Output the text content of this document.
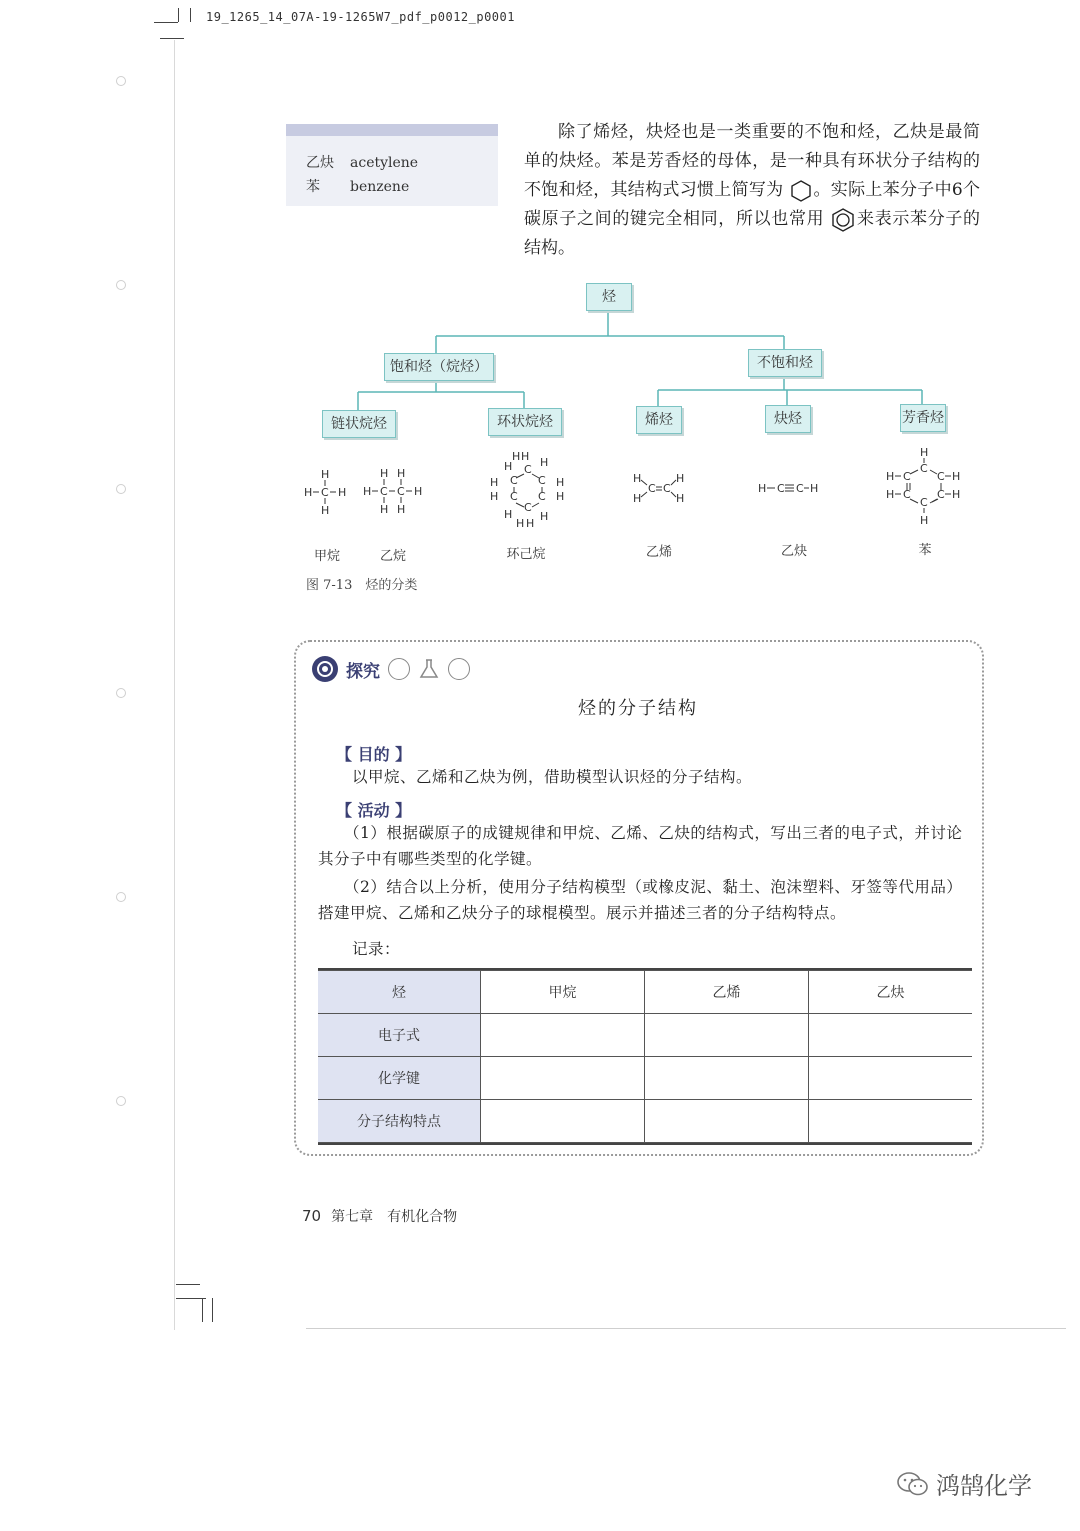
19_1265_14_07A-19-1265W7_pdf_p0012_p0001
乙炔 acetylene
苯 benzene
除了烯烃，炔烃也是一类重要的不饱和烃，乙炔是最简单的炔烃。苯是芳香烃的母体，是一种具有环状分子结构的不饱和烃，其结构式习惯上简写为 。实际上苯分子中6个碳原子之间的键完全相同，所以也常用 来表示苯分子的结构。
烃
饱和烃（烷烃）	不饱和烃
链状烷烃	环状烷烃	烯烃	炔烃	芳香烃
H
H C H
H
H H
H C C H
H H
H H
H	H
C
C C
H	H
H	H
C C
C
H	H
H H
H	H
C C
H	H
H C C H
H
C
H C C H
H C C H
C
H
甲烷	乙烷	环己烷	乙烯	乙炔	苯
图 7-13　烃的分类
探究
烃的分子结构
【 目的 】
以甲烷、乙烯和乙炔为例，借助模型认识烃的分子结构。
【 活动 】
（1）根据碳原子的成键规律和甲烷、乙烯、乙炔的结构式，写出三者的电子式，并讨论其分子中有哪些类型的化学键。
（2）结合以上分析，使用分子结构模型（或橡皮泥、黏土、泡沫塑料、牙签等代用品）搭建甲烷、乙烯和乙炔分子的球棍模型。展示并描述三者的分子结构特点。
记录：
烃	甲烷	乙烯	乙炔
电子式			
化学键			
分子结构特点			
70 第七章　有机化合物
鸿鹄化学
